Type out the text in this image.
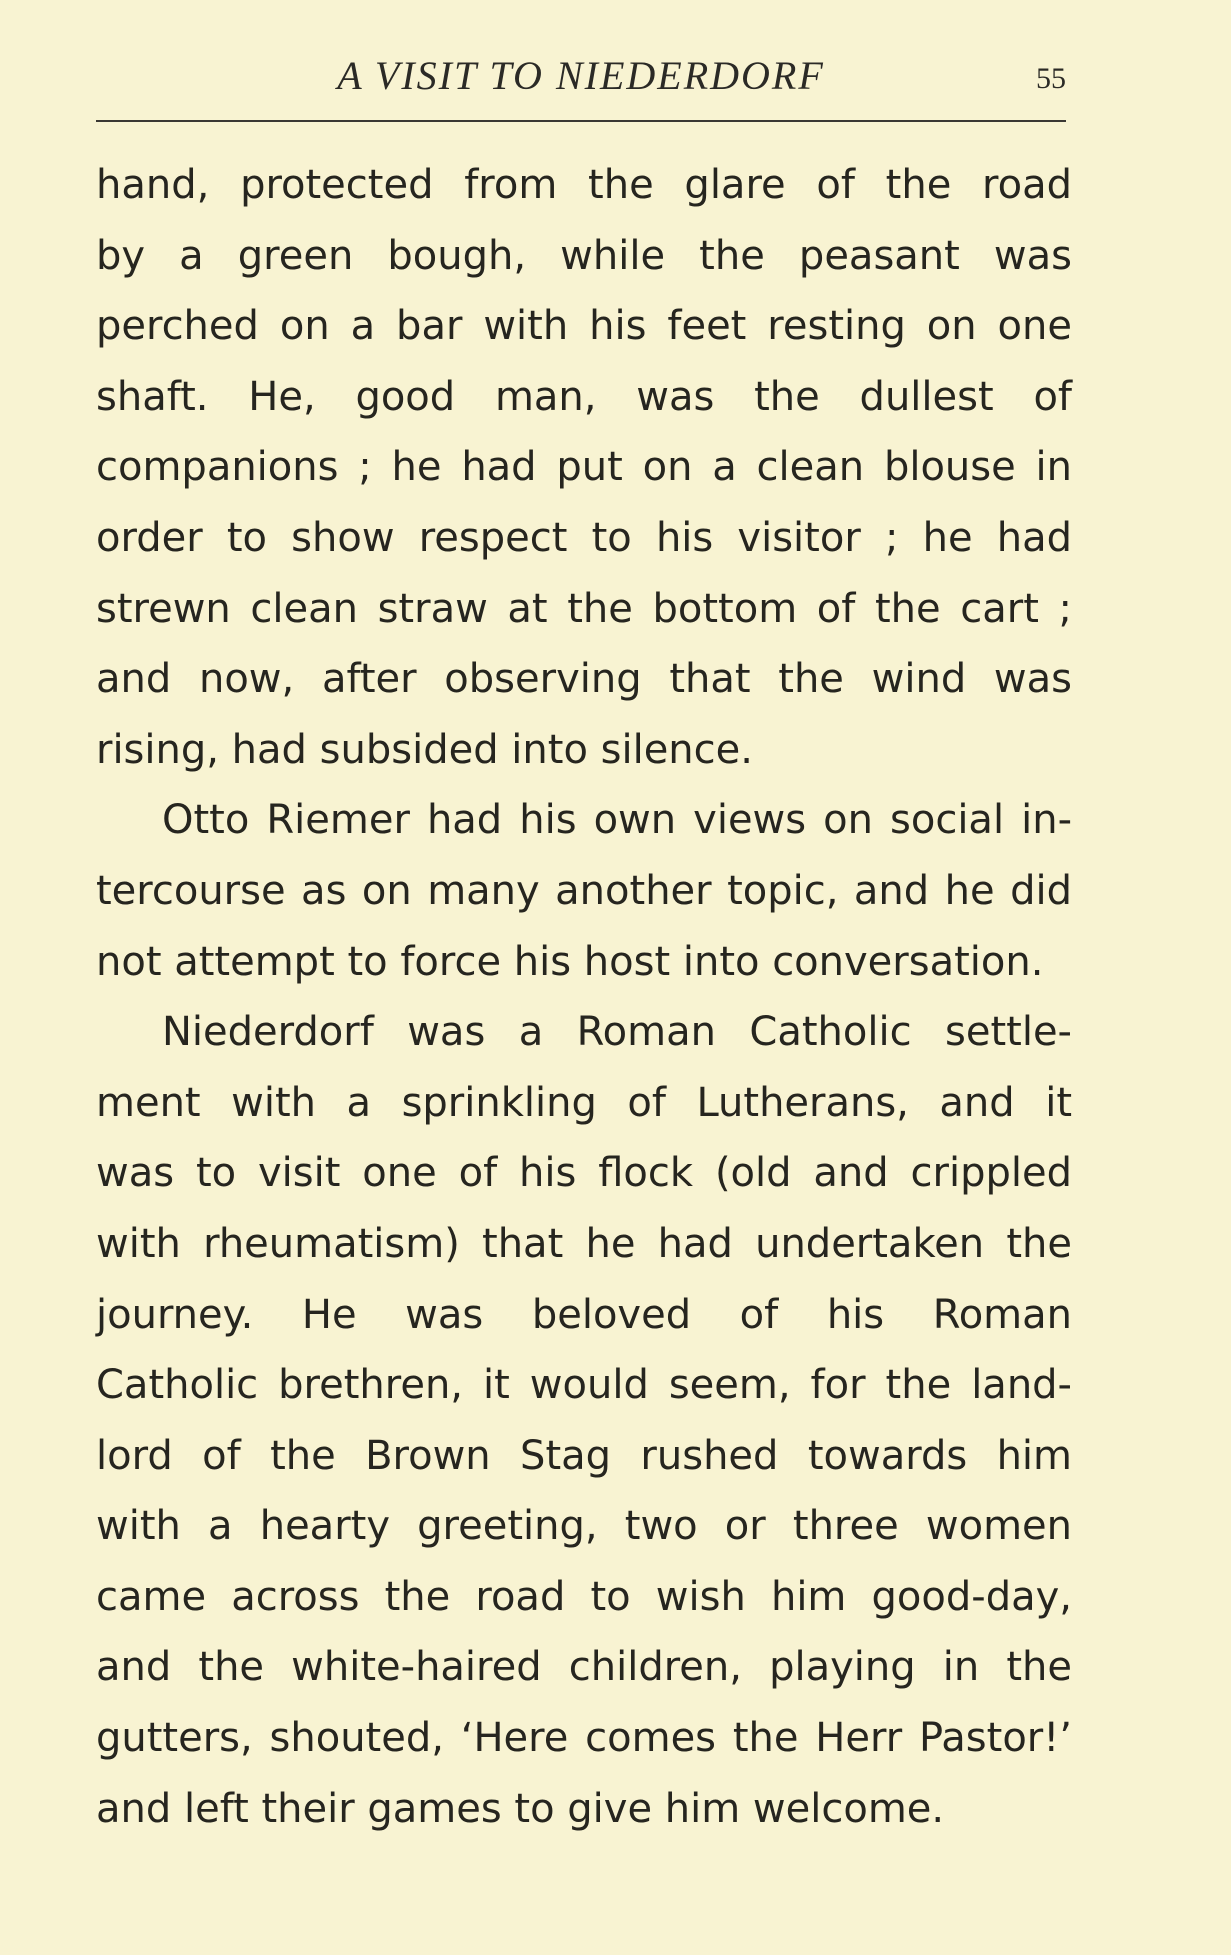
A VISIT TO NIEDERDORF	55
hand, protected from the glare of the road
by a green bough, while the peasant was
perched on a bar with his feet resting on one
shaft. He, good man, was the dullest of
companions ; he had put on a clean blouse in
order to show respect to his visitor ; he had
strewn clean straw at the bottom of the cart ;
and now, after observing that the wind was
rising, had subsided into silence.
Otto Riemer had his own views on social in-
tercourse as on many another topic, and he did
not attempt to force his host into conversation.
Niederdorf was a Roman Catholic settle-
ment with a sprinkling of Lutherans, and it
was to visit one of his flock (old and crippled
with rheumatism) that he had undertaken the
journey. He was beloved of his Roman
Catholic brethren, it would seem, for the land-
lord of the Brown Stag rushed towards him
with a hearty greeting, two or three women
came across the road to wish him good-day,
and the white-haired children, playing in the
gutters, shouted, ‘Here comes the Herr Pastor!’
and left their games to give him welcome.
